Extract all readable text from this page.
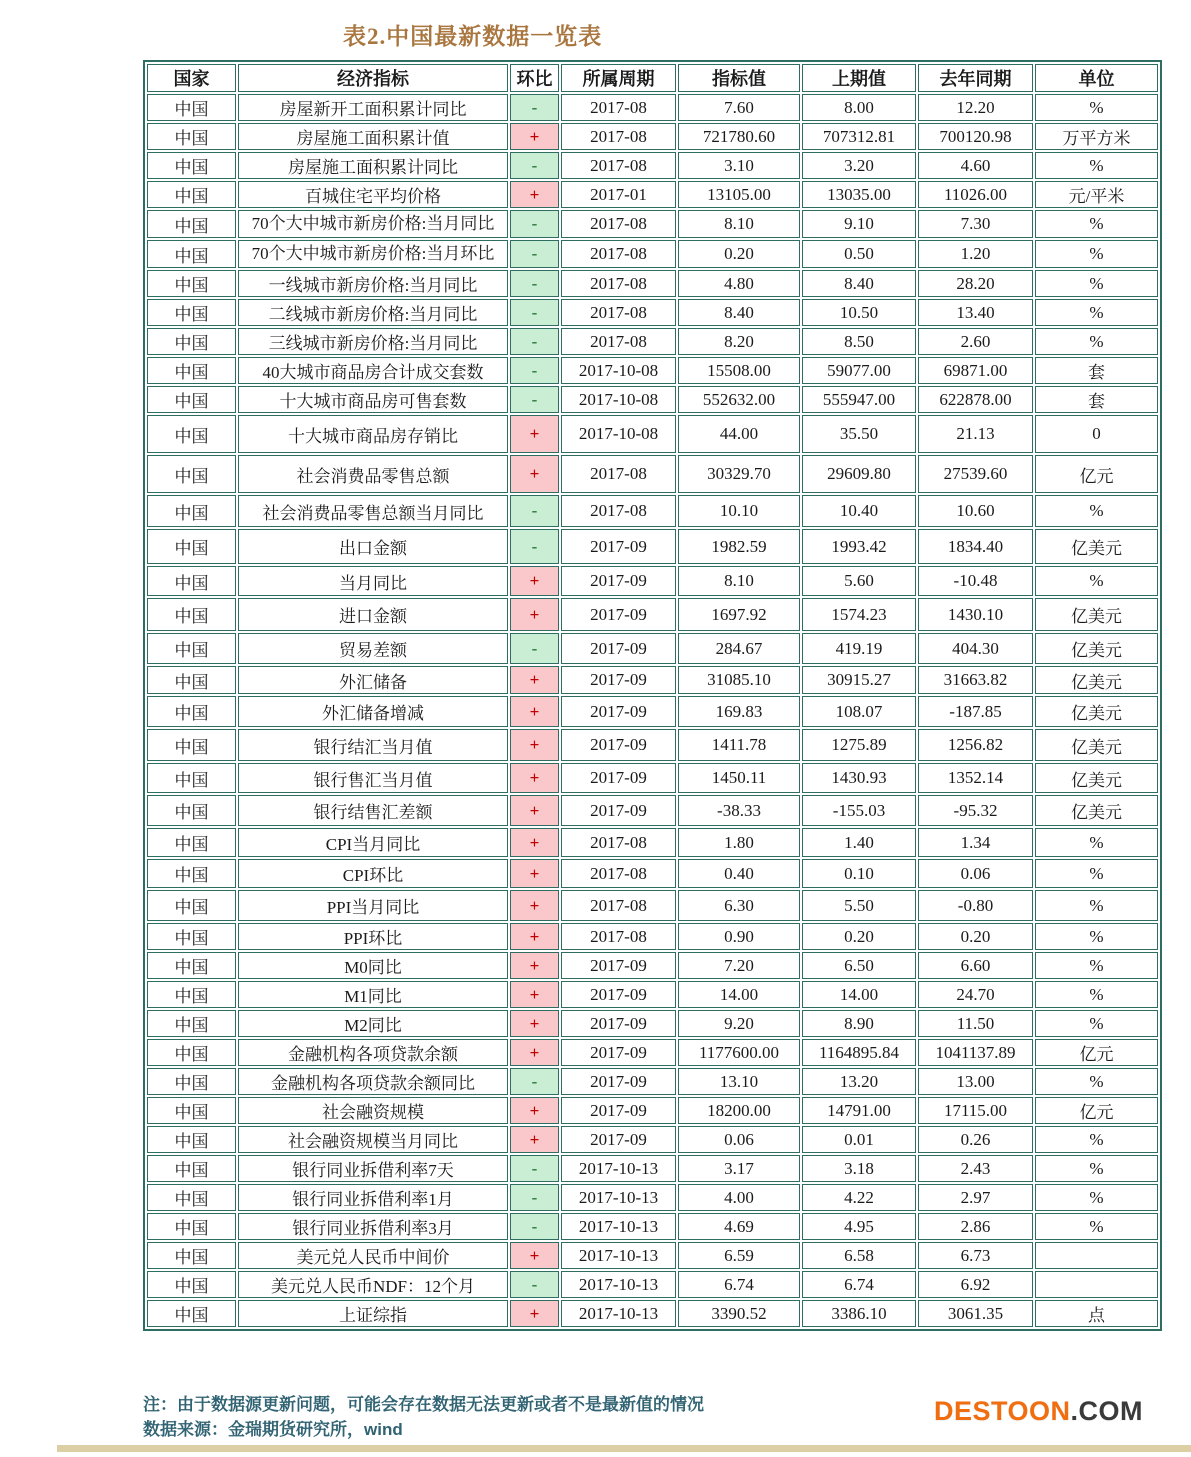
表2.中国最新数据一览表
国家	经济指标	环比	所属周期	指标值	上期值	去年同期	单位
中国	房屋新开工面积累计同比	-	2017-08	7.60	8.00	12.20	%
中国	房屋施工面积累计值	+	2017-08	721780.60	707312.81	700120.98	万平方米
中国	房屋施工面积累计同比	-	2017-08	3.10	3.20	4.60	%
中国	百城住宅平均价格	+	2017-01	13105.00	13035.00	11026.00	元/平米
中国	70个大中城市新房价格:当月同比	-	2017-08	8.10	9.10	7.30	%
中国	70个大中城市新房价格:当月环比	-	2017-08	0.20	0.50	1.20	%
中国	一线城市新房价格:当月同比	-	2017-08	4.80	8.40	28.20	%
中国	二线城市新房价格:当月同比	-	2017-08	8.40	10.50	13.40	%
中国	三线城市新房价格:当月同比	-	2017-08	8.20	8.50	2.60	%
中国	40大城市商品房合计成交套数	-	2017-10-08	15508.00	59077.00	69871.00	套
中国	十大城市商品房可售套数	-	2017-10-08	552632.00	555947.00	622878.00	套
中国	十大城市商品房存销比	+	2017-10-08	44.00	35.50	21.13	0
中国	社会消费品零售总额	+	2017-08	30329.70	29609.80	27539.60	亿元
中国	社会消费品零售总额当月同比	-	2017-08	10.10	10.40	10.60	%
中国	出口金额	-	2017-09	1982.59	1993.42	1834.40	亿美元
中国	当月同比	+	2017-09	8.10	5.60	-10.48	%
中国	进口金额	+	2017-09	1697.92	1574.23	1430.10	亿美元
中国	贸易差额	-	2017-09	284.67	419.19	404.30	亿美元
中国	外汇储备	+	2017-09	31085.10	30915.27	31663.82	亿美元
中国	外汇储备增减	+	2017-09	169.83	108.07	-187.85	亿美元
中国	银行结汇当月值	+	2017-09	1411.78	1275.89	1256.82	亿美元
中国	银行售汇当月值	+	2017-09	1450.11	1430.93	1352.14	亿美元
中国	银行结售汇差额	+	2017-09	-38.33	-155.03	-95.32	亿美元
中国	CPI当月同比	+	2017-08	1.80	1.40	1.34	%
中国	CPI环比	+	2017-08	0.40	0.10	0.06	%
中国	PPI当月同比	+	2017-08	6.30	5.50	-0.80	%
中国	PPI环比	+	2017-08	0.90	0.20	0.20	%
中国	M0同比	+	2017-09	7.20	6.50	6.60	%
中国	M1同比	+	2017-09	14.00	14.00	24.70	%
中国	M2同比	+	2017-09	9.20	8.90	11.50	%
中国	金融机构各项贷款余额	+	2017-09	1177600.00	1164895.84	1041137.89	亿元
中国	金融机构各项贷款余额同比	-	2017-09	13.10	13.20	13.00	%
中国	社会融资规模	+	2017-09	18200.00	14791.00	17115.00	亿元
中国	社会融资规模当月同比	+	2017-09	0.06	0.01	0.26	%
中国	银行同业拆借利率7天	-	2017-10-13	3.17	3.18	2.43	%
中国	银行同业拆借利率1月	-	2017-10-13	4.00	4.22	2.97	%
中国	银行同业拆借利率3月	-	2017-10-13	4.69	4.95	2.86	%
中国	美元兑人民币中间价	+	2017-10-13	6.59	6.58	6.73	
中国	美元兑人民币NDF：12个月	-	2017-10-13	6.74	6.74	6.92	
中国	上证综指	+	2017-10-13	3390.52	3386.10	3061.35	点
注：由于数据源更新问题，可能会存在数据无法更新或者不是最新值的情况
数据来源：金瑞期货研究所，wind
DESTOON.COM
